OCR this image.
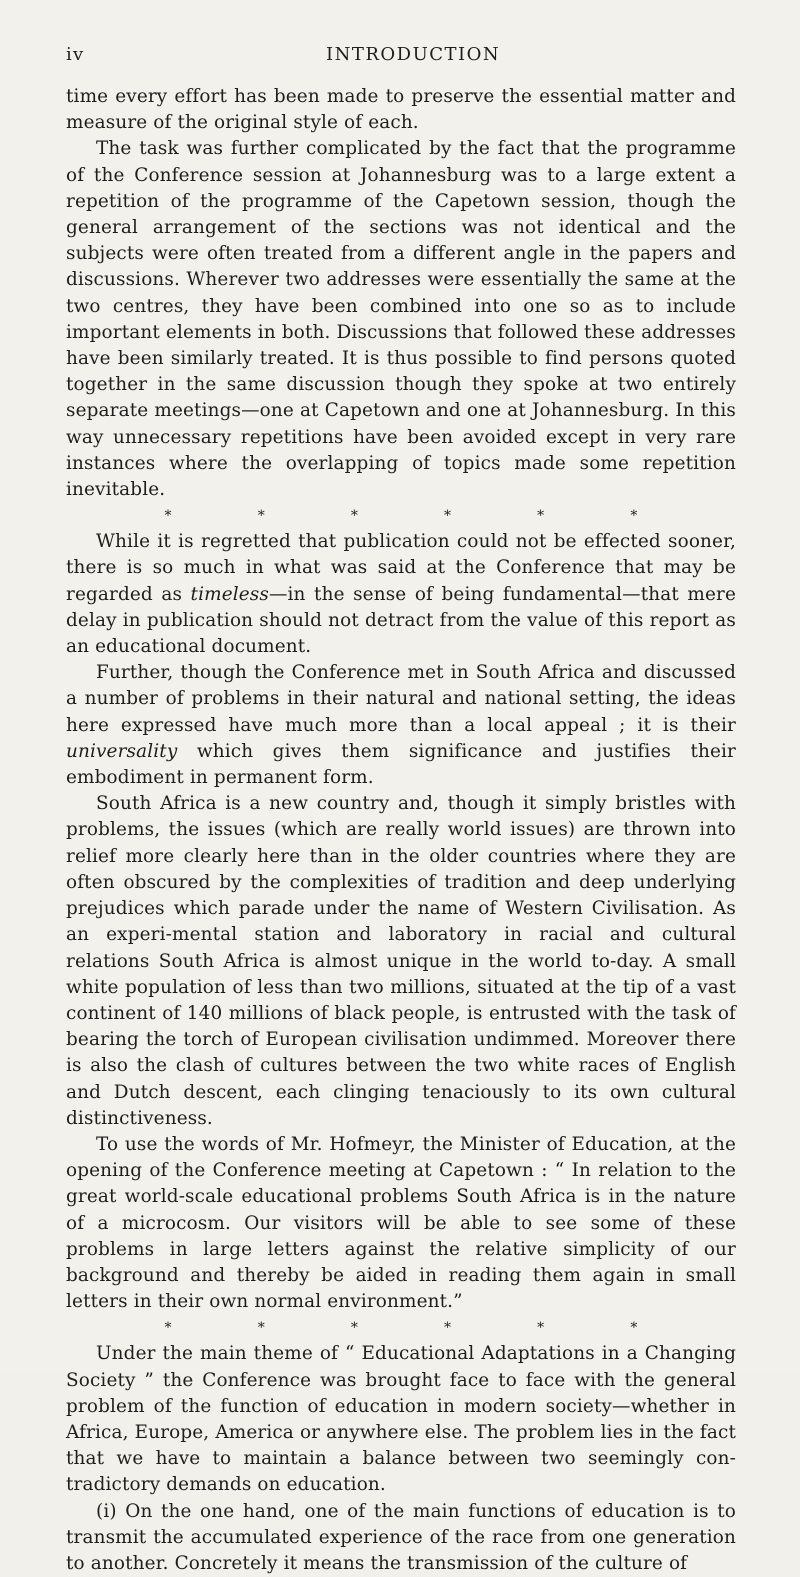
iv	INTRODUCTION

time every effort has been made to preserve the essential matter and measure of the original style of each.

The task was further complicated by the fact that the programme of the Conference session at Johannesburg was to a large extent a repetition of the programme of the Capetown session, though the general arrangement of the sections was not identical and the subjects were often treated from a different angle in the papers and discussions. Wherever two addresses were essentially the same at the two centres, they have been combined into one so as to include important elements in both. Discussions that followed these addresses have been similarly treated. It is thus possible to find persons quoted together in the same discussion though they spoke at two entirely separate meetings—one at Capetown and one at Johannesburg. In this way unnecessary repetitions have been avoided except in very rare instances where the overlapping of topics made some repetition inevitable.

*	*	*	*	*	*

While it is regretted that publication could not be effected sooner, there is so much in what was said at the Conference that may be regarded as timeless—in the sense of being fundamental—that mere delay in publication should not detract from the value of this report as an educational document.

Further, though the Conference met in South Africa and discussed a number of problems in their natural and national setting, the ideas here expressed have much more than a local appeal ; it is their universality which gives them significance and justifies their embodiment in permanent form.

South Africa is a new country and, though it simply bristles with problems, the issues (which are really world issues) are thrown into relief more clearly here than in the older countries where they are often obscured by the complexities of tradition and deep underlying prejudices which parade under the name of Western Civilisation. As an experi-mental station and laboratory in racial and cultural relations South Africa is almost unique in the world to-day. A small white population of less than two millions, situated at the tip of a vast continent of 140 millions of black people, is entrusted with the task of bearing the torch of European civilisation undimmed. Moreover there is also the clash of cultures between the two white races of English and Dutch descent, each clinging tenaciously to its own cultural distinctiveness.

To use the words of Mr. Hofmeyr, the Minister of Education, at the opening of the Conference meeting at Capetown : “ In relation to the great world-scale educational problems South Africa is in the nature of a microcosm. Our visitors will be able to see some of these problems in large letters against the relative simplicity of our background and thereby be aided in reading them again in small letters in their own normal environment.”

*	*	*	*	*	*

Under the main theme of “ Educational Adaptations in a Changing Society ” the Conference was brought face to face with the general problem of the function of education in modern society—whether in Africa, Europe, America or anywhere else. The problem lies in the fact that we have to maintain a balance between two seemingly con-tradictory demands on education.

(i) On the one hand, one of the main functions of education is to transmit the accumulated experience of the race from one generation to another. Concretely it means the transmission of the culture of
